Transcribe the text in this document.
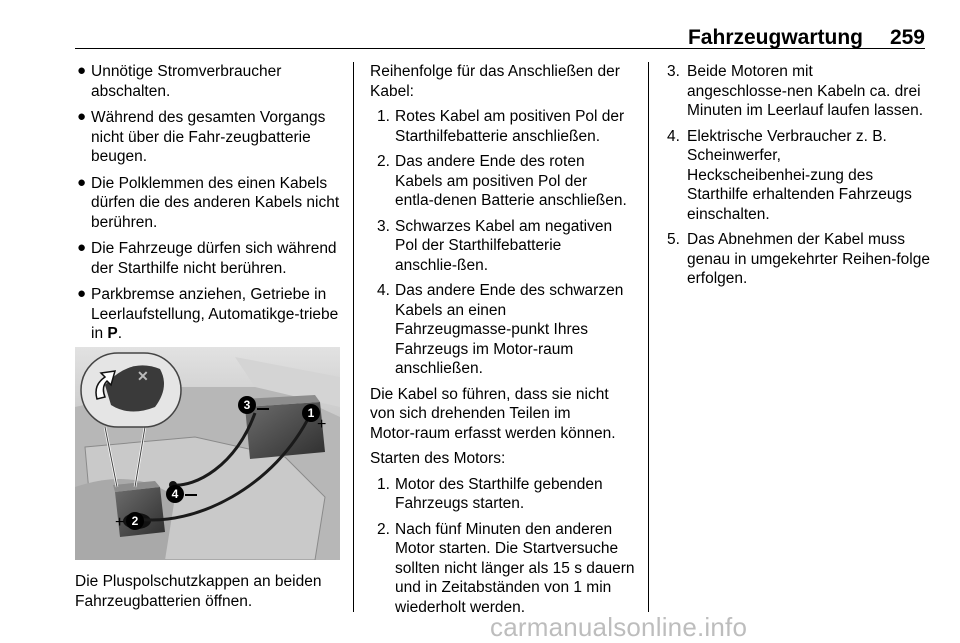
Fahrzeugwartung 259
● Unnötige Stromverbraucher abschalten.
● Während des gesamten Vorgangs nicht über die Fahr‑zeugbatterie beugen.
● Die Polklemmen des einen Kabels dürfen die des anderen Kabels nicht berühren.
● Die Fahrzeuge dürfen sich während der Starthilfe nicht berühren.
● Parkbremse anziehen, Getriebe in Leerlaufstellung, Automatikge‑triebe in P.
✕
1
+
3
4
2
+
Die Pluspolschutzkappen an beiden Fahrzeugbatterien öffnen.

Reihenfolge für das Anschließen der Kabel:

1. Rotes Kabel am positiven Pol der Starthilfebatterie anschließen.
2. Das andere Ende des roten Kabels am positiven Pol der entla‑denen Batterie anschließen.
3. Schwarzes Kabel am negativen Pol der Starthilfebatterie anschlie‑ßen.
4. Das andere Ende des schwarzen Kabels an einen Fahrzeugmasse‑punkt Ihres Fahrzeugs im Motor‑raum anschließen.

Die Kabel so führen, dass sie nicht von sich drehenden Teilen im Motor‑raum erfasst werden können.

Starten des Motors:

1. Motor des Starthilfe gebenden Fahrzeugs starten.
2. Nach fünf Minuten den anderen Motor starten. Die Startversuche sollten nicht länger als 15 s dauern und in Zeitabständen von 1 min wiederholt werden.
3. Beide Motoren mit angeschlosse‑nen Kabeln ca. drei Minuten im Leerlauf laufen lassen.
4. Elektrische Verbraucher z. B. Scheinwerfer, Heckscheibenhei‑zung des Starthilfe erhaltenden Fahrzeugs einschalten.
5. Das Abnehmen der Kabel muss genau in umgekehrter Reihen‑folge erfolgen.
carmanualsonline.info
